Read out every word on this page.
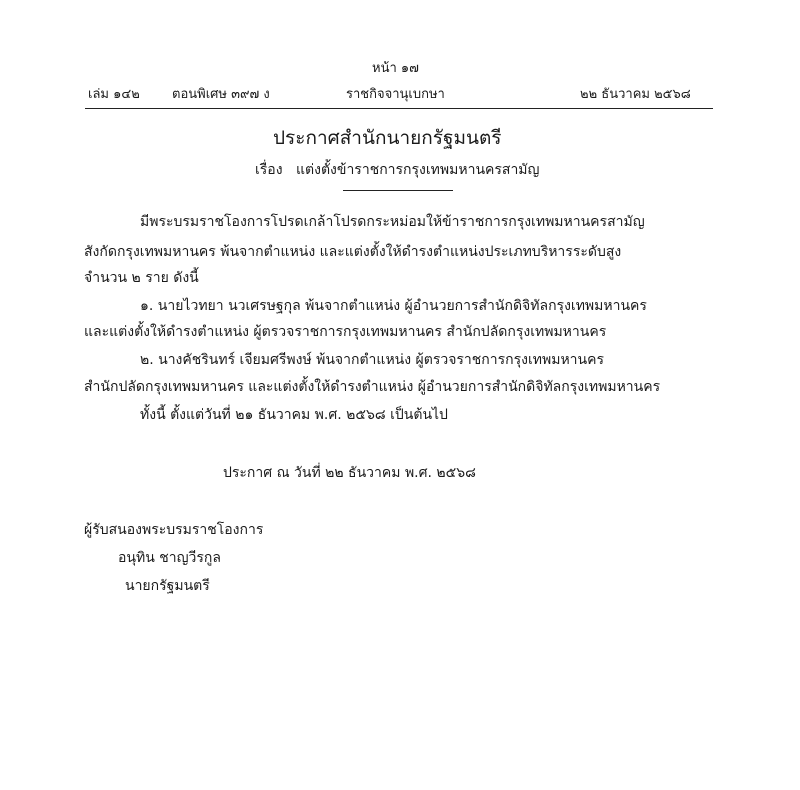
หน้า ๑๗
เล่ม ๑๔๒ ตอนพิเศษ ๓๙๗ ง	ราชกิจจานุเบกษา	๒๒ ธันวาคม ๒๕๖๘
ประกาศสำนักนายกรัฐมนตรี
เรื่อง แต่งตั้งข้าราชการกรุงเทพมหานครสามัญ
มีพระบรมราชโองการโปรดเกล้าโปรดกระหม่อมให้ข้าราชการกรุงเทพมหานครสามัญ
สังกัดกรุงเทพมหานคร พ้นจากตำแหน่ง และแต่งตั้งให้ดำรงตำแหน่งประเภทบริหารระดับสูง
จำนวน ๒ ราย ดังนี้
๑. นายไวทยา นวเศรษฐกุล พ้นจากตำแหน่ง ผู้อำนวยการสำนักดิจิทัลกรุงเทพมหานคร
และแต่งตั้งให้ดำรงตำแหน่ง ผู้ตรวจราชการกรุงเทพมหานคร สำนักปลัดกรุงเทพมหานคร
๒. นางคัชรินทร์ เจียมศรีพงษ์ พ้นจากตำแหน่ง ผู้ตรวจราชการกรุงเทพมหานคร
สำนักปลัดกรุงเทพมหานคร และแต่งตั้งให้ดำรงตำแหน่ง ผู้อำนวยการสำนักดิจิทัลกรุงเทพมหานคร
ทั้งนี้ ตั้งแต่วันที่ ๒๑ ธันวาคม พ.ศ. ๒๕๖๘ เป็นต้นไป
ประกาศ ณ วันที่ ๒๒ ธันวาคม พ.ศ. ๒๕๖๘
ผู้รับสนองพระบรมราชโองการ
อนุทิน ชาญวีรกูล
นายกรัฐมนตรี
